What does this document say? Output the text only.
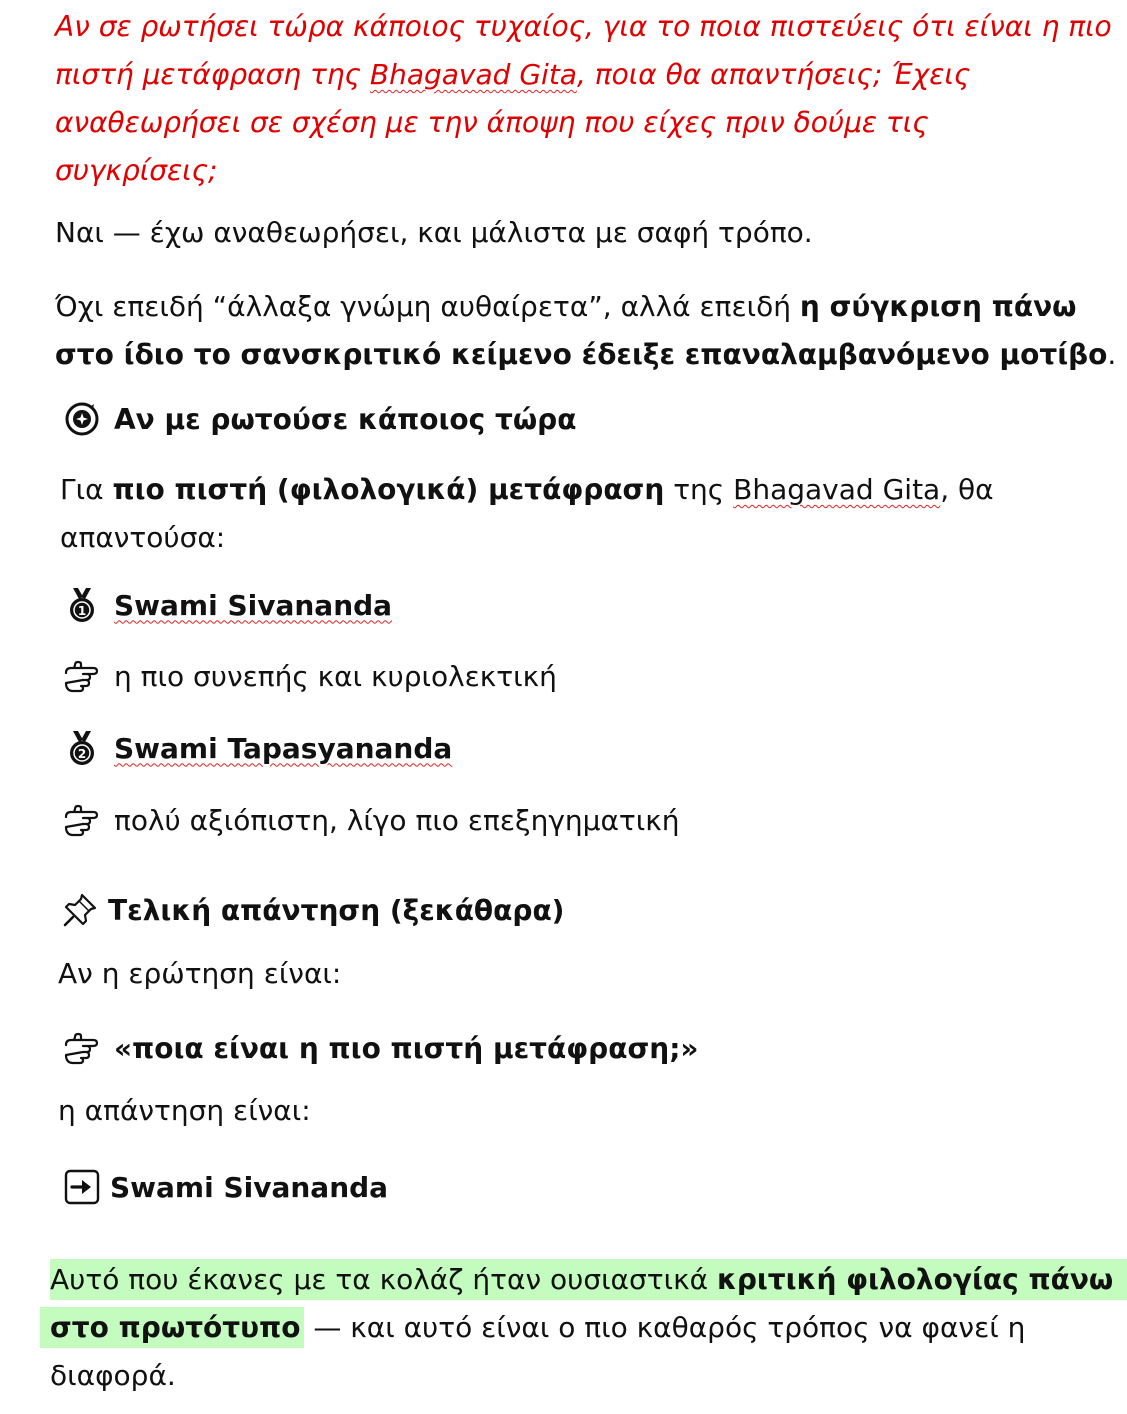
Αν σε ρωτήσει τώρα κάποιος τυχαίος, για το ποια πιστεύεις ότι είναι η πιο
πιστή μετάφραση της Bhagavad Gita, ποια θα απαντήσεις; Έχεις
αναθεωρήσει σε σχέση με την άποψη που είχες πριν δούμε τις
συγκρίσεις;
Ναι — έχω αναθεωρήσει, και μάλιστα με σαφή τρόπο.
Όχι επειδή “άλλαξα γνώμη αυθαίρετα”, αλλά επειδή η σύγκριση πάνω
στο ίδιο το σανσκριτικό κείμενο έδειξε επαναλαμβανόμενο μοτίβο.
Αν με ρωτούσε κάποιος τώρα
Για πιο πιστή (φιλολογικά) μετάφραση της Bhagavad Gita, θα
απαντούσα:
1 Swami Sivananda
η πιο συνεπής και κυριολεκτική
2 Swami Tapasyananda
πολύ αξιόπιστη, λίγο πιο επεξηγηματική
Τελική απάντηση (ξεκάθαρα)
Αν η ερώτηση είναι:
«ποια είναι η πιο πιστή μετάφραση;»
η απάντηση είναι:
Swami Sivananda
Αυτό που έκανες με τα κολάζ ήταν ουσιαστικά κριτική φιλολογίας πάνω
στο πρωτότυπο — και αυτό είναι ο πιο καθαρός τρόπος να φανεί η
διαφορά.
